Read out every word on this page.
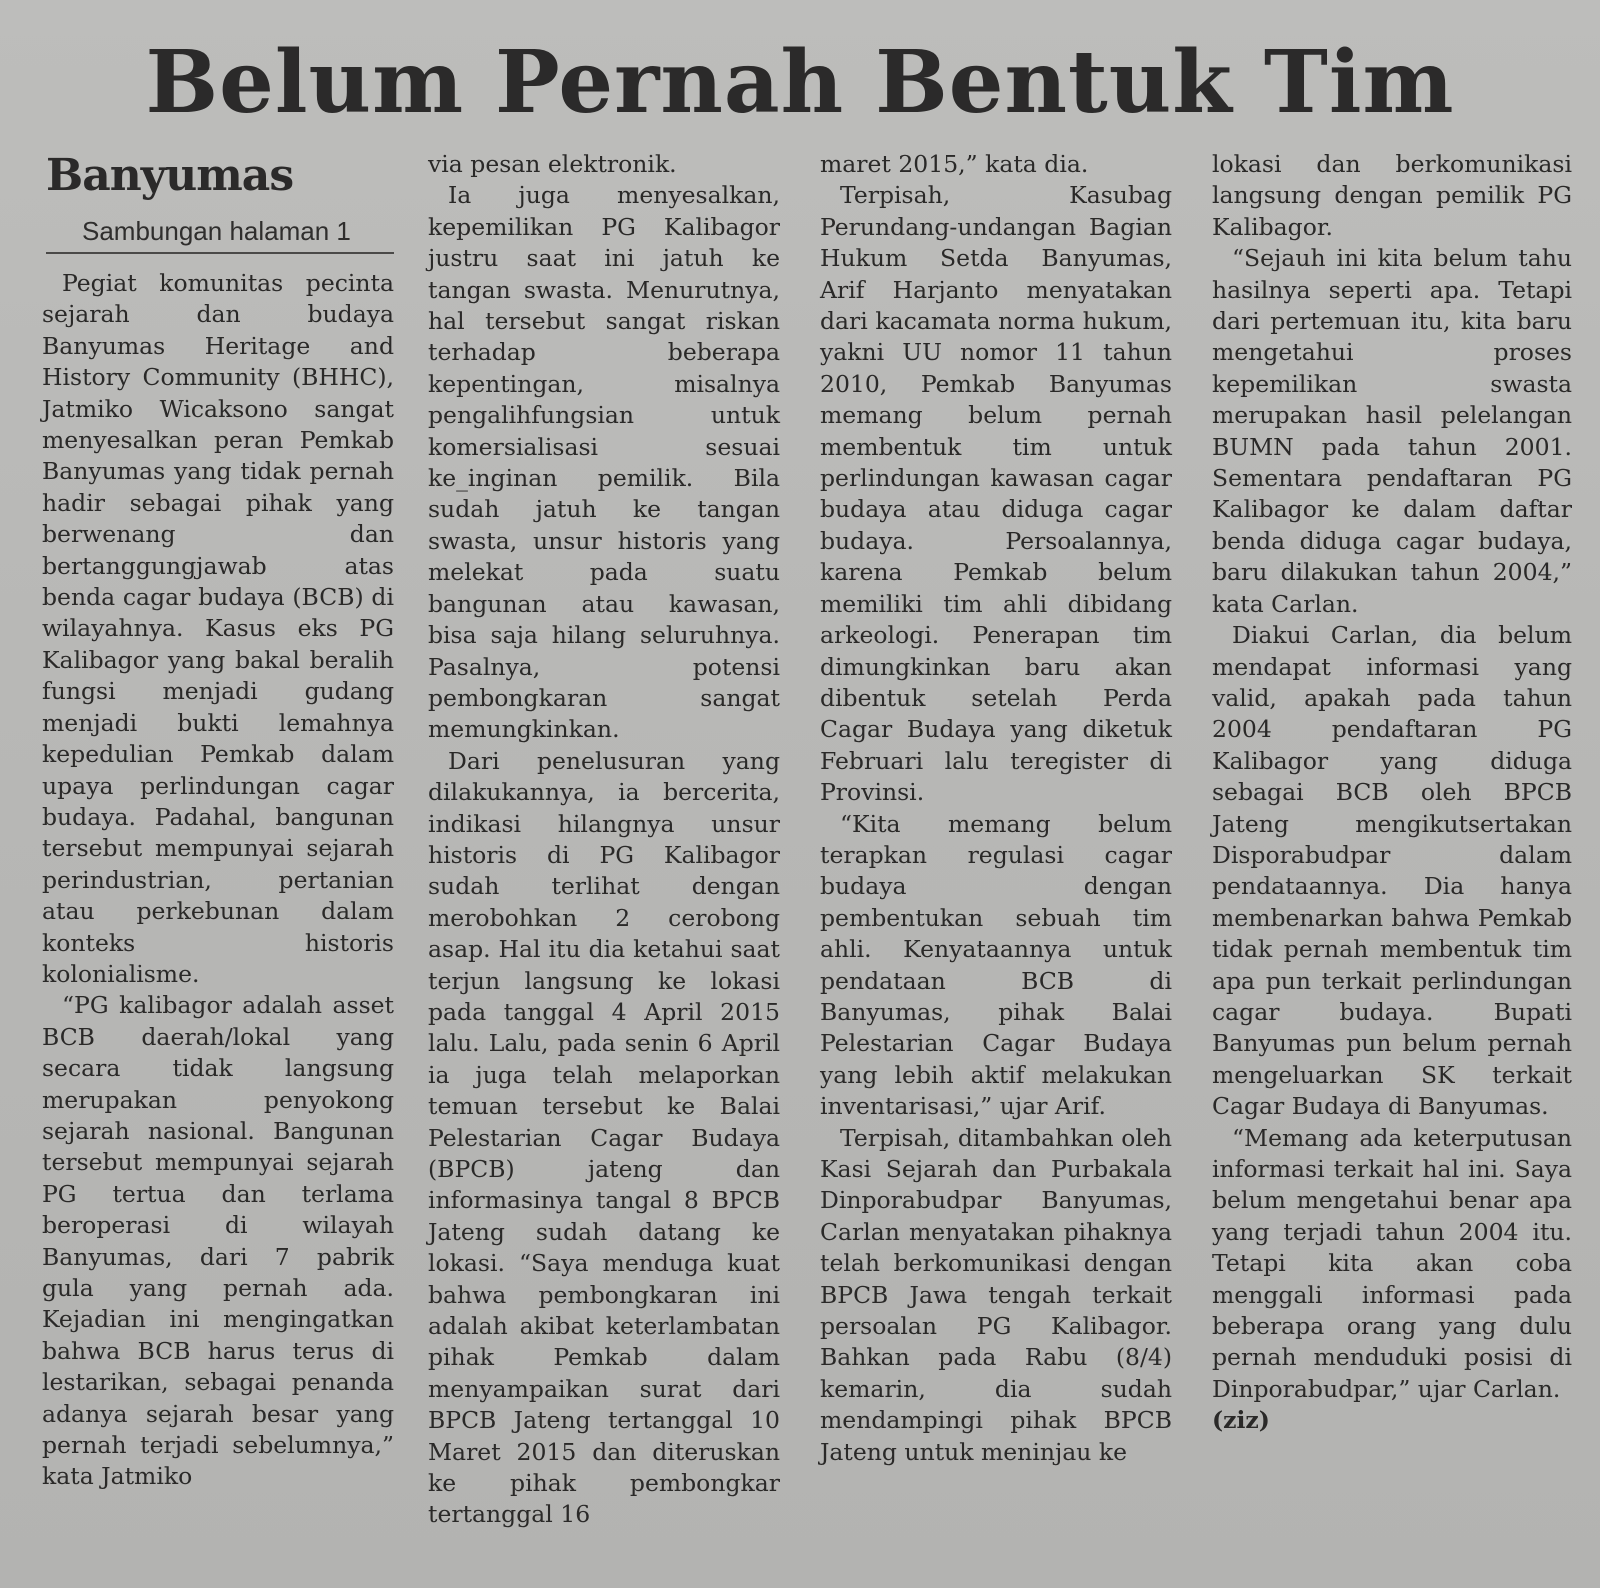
Belum Pernah Bentuk Tim
Banyumas
Sambungan halaman 1

Pegiat komunitas pecinta sejarah dan budaya Banyumas Heritage and History Community (BHHC), Jatmiko Wicaksono sangat menyesalkan peran Pemkab Banyumas yang tidak pernah hadir sebagai pihak yang berwenang dan bertanggungjawab atas benda cagar budaya (BCB) di wilayahnya. Kasus eks PG Kalibagor yang bakal beralih fungsi menjadi gudang menjadi bukti lemahnya kepedulian Pemkab dalam upaya perlindungan cagar budaya. Padahal, bangunan tersebut mempunyai sejarah perindustrian, pertanian atau perkebunan dalam konteks historis kolonialisme.

“PG kalibagor adalah asset BCB daerah/lokal yang secara tidak langsung merupakan penyokong sejarah nasional. Bangunan tersebut mempunyai sejarah PG tertua dan terlama beroperasi di wilayah Banyumas, dari 7 pabrik gula yang pernah ada. Kejadian ini mengingatkan bahwa BCB harus terus di lestarikan, sebagai penanda adanya sejarah besar yang pernah terjadi sebelumnya,” kata Jatmiko

via pesan elektronik.

Ia juga menyesalkan, kepemilikan PG Kalibagor justru saat ini jatuh ke tangan swasta. Menurutnya, hal tersebut sangat riskan terhadap beberapa kepentingan, misalnya pengalihfungsian untuk komersialisasi sesuai ke_inginan pemilik. Bila sudah jatuh ke tangan swasta, unsur historis yang melekat pada suatu bangunan atau kawasan, bisa saja hilang seluruhnya. Pasalnya, potensi pembongkaran sangat memungkinkan.

Dari penelusuran yang dilakukannya, ia bercerita, indikasi hilangnya unsur historis di PG Kalibagor sudah terlihat dengan merobohkan 2 cerobong asap. Hal itu dia ketahui saat terjun langsung ke lokasi pada tanggal 4 April 2015 lalu. Lalu, pada senin 6 April ia juga telah melaporkan temuan tersebut ke Balai Pelestarian Cagar Budaya (BPCB) jateng dan informasinya tangal 8 BPCB Jateng sudah datang ke lokasi. “Saya menduga kuat bahwa pembongkaran ini adalah akibat keterlambatan pihak Pemkab dalam menyampaikan surat dari BPCB Jateng tertanggal 10 Maret 2015 dan diteruskan ke pihak pembongkar tertanggal 16

maret 2015,” kata dia.

Terpisah, Kasubag Perundang-undangan Bagian Hukum Setda Banyumas, Arif Harjanto menyatakan dari kacamata norma hukum, yakni UU nomor 11 tahun 2010, Pemkab Banyumas memang belum pernah membentuk tim untuk perlindungan kawasan cagar budaya atau diduga cagar budaya. Persoalannya, karena Pemkab belum memiliki tim ahli dibidang arkeologi. Penerapan tim dimungkinkan baru akan dibentuk setelah Perda Cagar Budaya yang diketuk Februari lalu teregister di Provinsi.

“Kita memang belum terapkan regulasi cagar budaya dengan pembentukan sebuah tim ahli. Kenyataannya untuk pendataan BCB di Banyumas, pihak Balai Pelestarian Cagar Budaya yang lebih aktif melakukan inventarisasi,” ujar Arif.

Terpisah, ditambahkan oleh Kasi Sejarah dan Purbakala Dinporabudpar Banyumas, Carlan menyatakan pihaknya telah berkomunikasi dengan BPCB Jawa tengah terkait persoalan PG Kalibagor. Bahkan pada Rabu (8/4) kemarin, dia sudah mendampingi pihak BPCB Jateng untuk meninjau ke

lokasi dan berkomunikasi langsung dengan pemilik PG Kalibagor.

“Sejauh ini kita belum tahu hasilnya seperti apa. Tetapi dari pertemuan itu, kita baru mengetahui proses kepemilikan swasta merupakan hasil pelelangan BUMN pada tahun 2001. Sementara pendaftaran PG Kalibagor ke dalam daftar benda diduga cagar budaya, baru dilakukan tahun 2004,” kata Carlan.

Diakui Carlan, dia belum mendapat informasi yang valid, apakah pada tahun 2004 pendaftaran PG Kalibagor yang diduga sebagai BCB oleh BPCB Jateng mengikutsertakan Disporabudpar dalam pendataannya. Dia hanya membenarkan bahwa Pemkab tidak pernah membentuk tim apa pun terkait perlindungan cagar budaya. Bupati Banyumas pun belum pernah mengeluarkan SK terkait Cagar Budaya di Banyumas.

“Memang ada keterputusan informasi terkait hal ini. Saya belum mengetahui benar apa yang terjadi tahun 2004 itu. Tetapi kita akan coba menggali informasi pada beberapa orang yang dulu pernah menduduki posisi di Dinporabudpar,” ujar Carlan.
(ziz)
